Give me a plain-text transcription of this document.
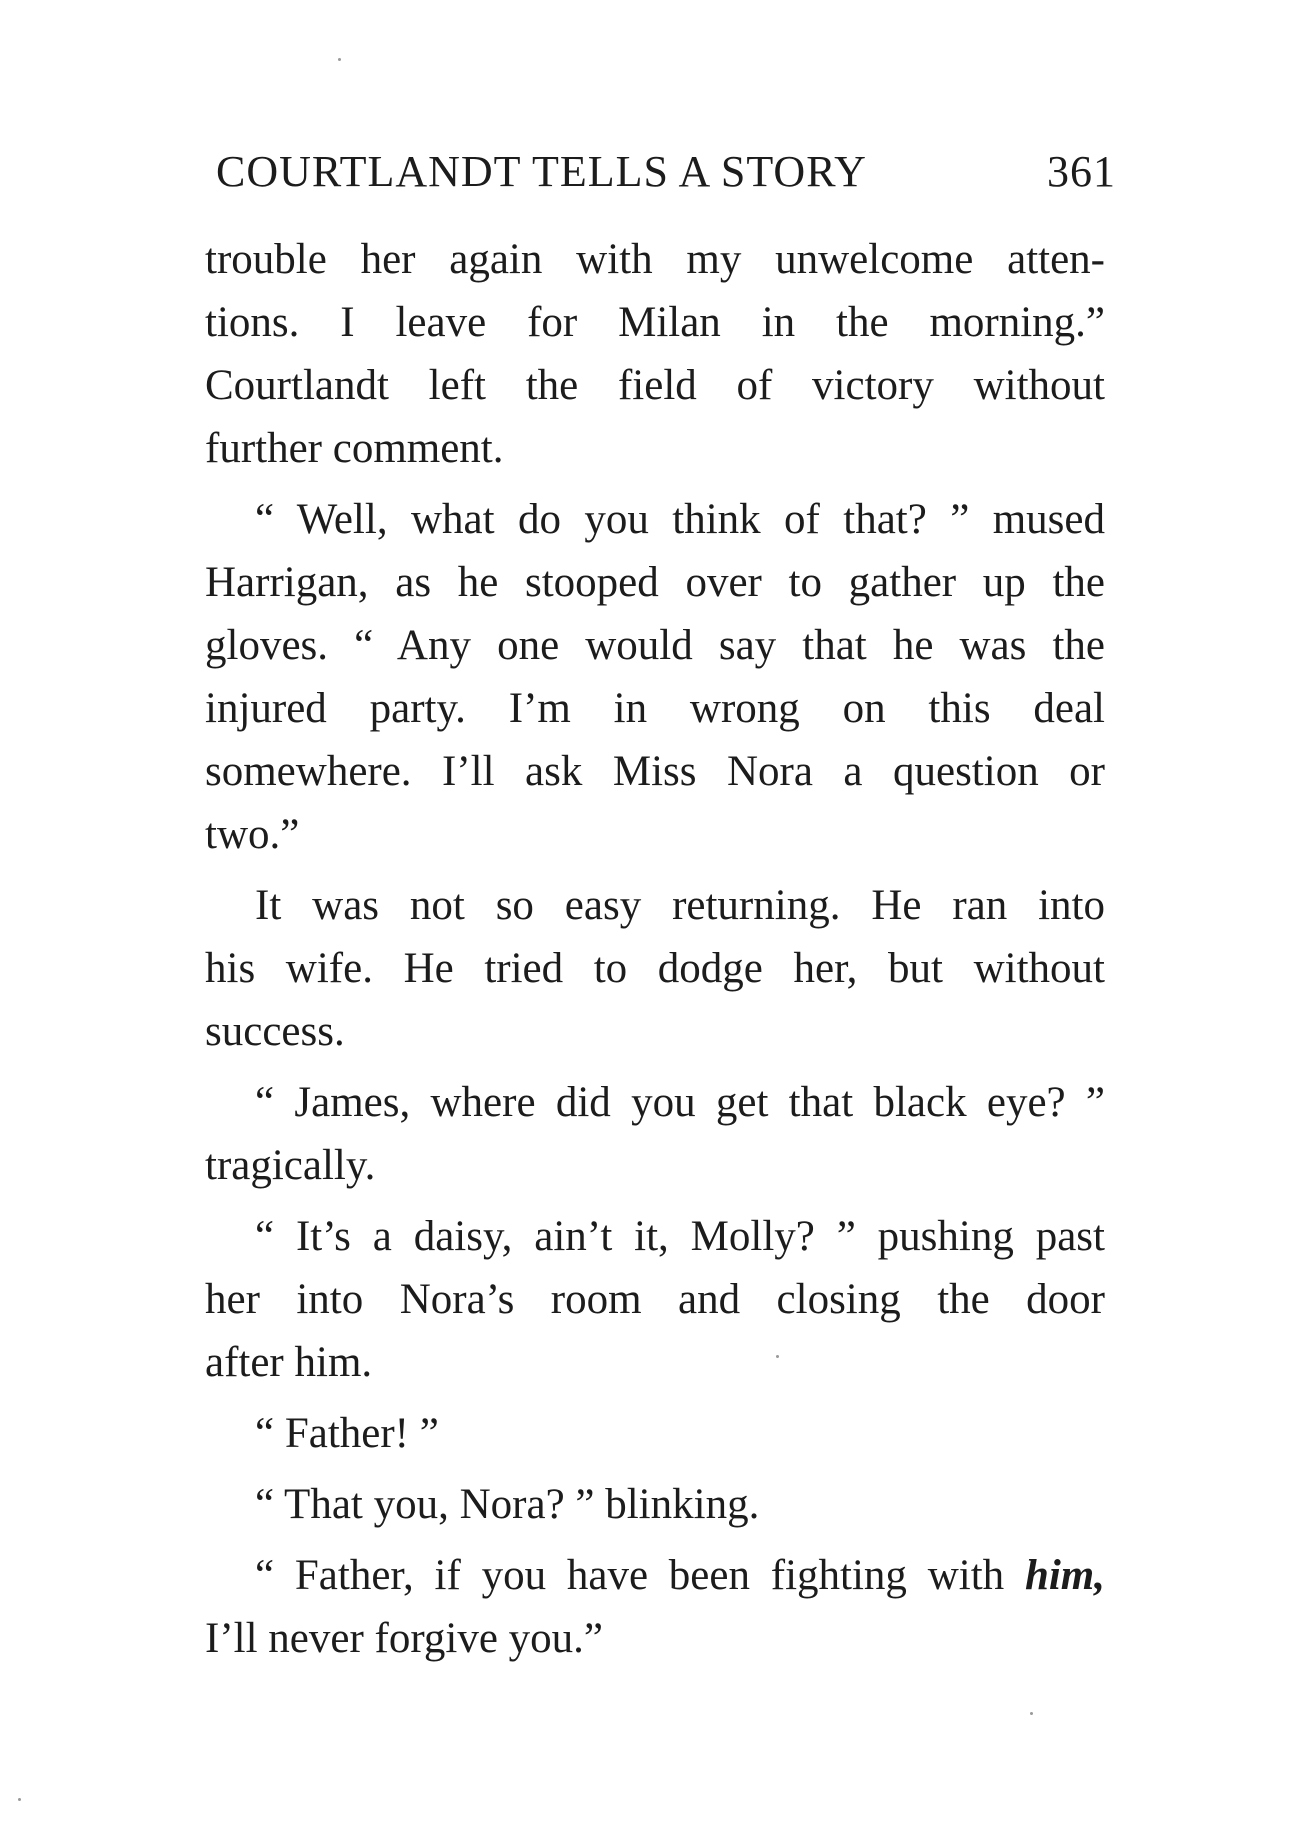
COURTLANDT TELLS A STORY	361
trouble her again with my unwelcome atten-
tions. I leave for Milan in the morning.”
Courtlandt left the field of victory without
further comment.
“ Well, what do you think of that? ” mused
Harrigan, as he stooped over to gather up the
gloves. “ Any one would say that he was the
injured party. I’m in wrong on this deal
somewhere. I’ll ask Miss Nora a question or
two.”
It was not so easy returning. He ran into
his wife. He tried to dodge her, but without
success.
“ James, where did you get that black eye? ”
tragically.
“ It’s a daisy, ain’t it, Molly? ” pushing past
her into Nora’s room and closing the door
after him.
“ Father! ”
“ That you, Nora? ” blinking.
“ Father, if you have been fighting with him,
I’ll never forgive you.”
